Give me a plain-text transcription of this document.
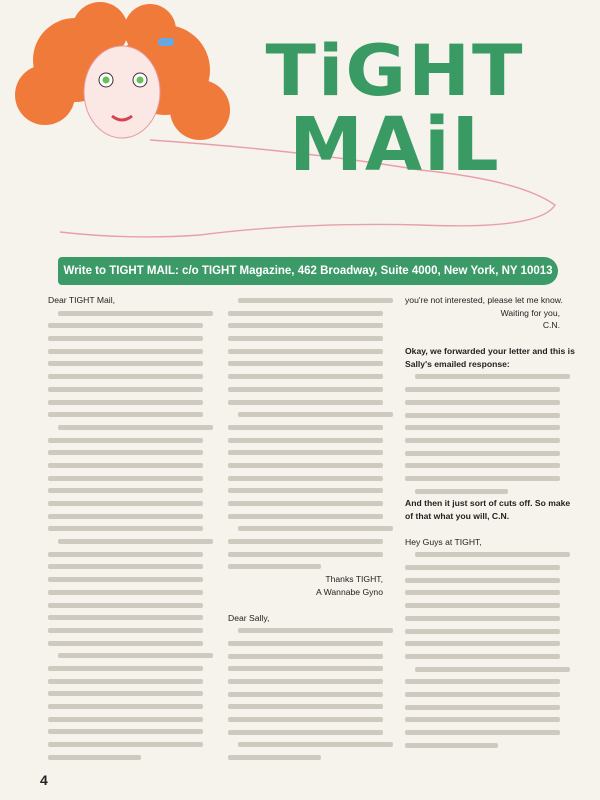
TiGHT
MAiL
Write to TIGHT MAIL: c/o TIGHT Magazine, 462 Broadway, Suite 4000, New York, NY 10013
Dear TIGHT Mail,
Thanks TIGHT,
A Wannabe Gyno
Dear Sally,
you're not interested, please let me know.
Waiting for you,
C.N.
Okay, we forwarded your letter and this is
Sally's emailed response:
And then it just sort of cuts off. So make
of that what you will, C.N.
Hey Guys at TIGHT,
4
